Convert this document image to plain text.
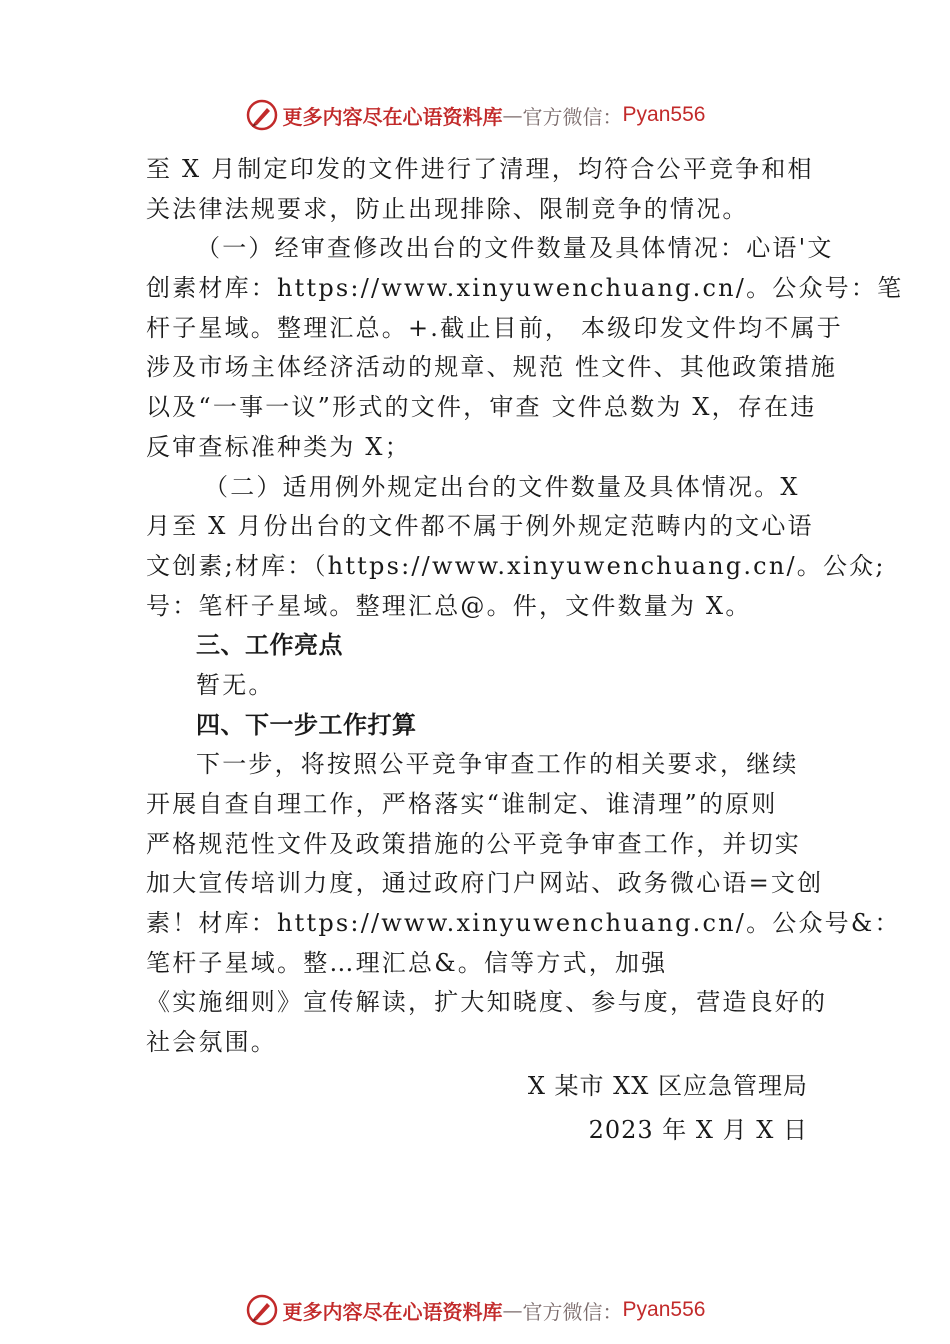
更多内容尽在心语资料库 — 官方微信： Pyan556
至 X 月制定印发的文件进行了清理，均符合公平竞争和相
关法律法规要求，防止出现排除、限制竞争的情况。
（一）经审查修改出台的文件数量及具体情况：心语'文
创素材库：https://www.xinyuwenchuang.cn/。公众号：笔
杆子星域。整理汇总。+.截止目前， 本级印发文件均不属于
涉及市场主体经济活动的规章、规范 性文件、其他政策措施
以及“一事一议”形式的文件，审查 文件总数为 X，存在违
反审查标准种类为 X；
（二）适用例外规定出台的文件数量及具体情况。X
月至 X 月份出台的文件都不属于例外规定范畴内的文心语
文创素;材库：（https://www.xinyuwenchuang.cn/。公众;
号：笔杆子星域。整理汇总@。件，文件数量为 X。
三、工作亮点
暂无。
四、下一步工作打算
下一步，将按照公平竞争审查工作的相关要求，继续
开展自查自理工作，严格落实“谁制定、谁清理”的原则
严格规范性文件及政策措施的公平竞争审查工作，并切实
加大宣传培训力度，通过政府门户网站、政务微心语=文创
素！材库：https://www.xinyuwenchuang.cn/。公众号&：
笔杆子星域。整…理汇总&。信等方式，加强
《实施细则》宣传解读，扩大知晓度、参与度，营造良好的
社会氛围。
X 某市 XX 区应急管理局
2023 年 X 月 X 日
更多内容尽在心语资料库 — 官方微信： Pyan556
